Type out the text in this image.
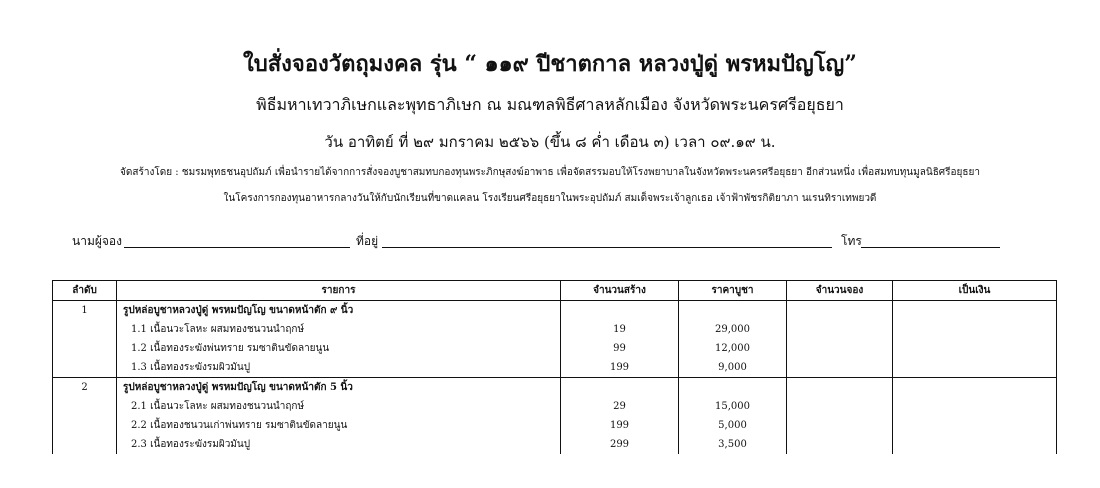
ใบสั่งจองวัตถุมงคล รุ่น “ ๑๑๙ ปีชาตกาล หลวงปู่ดู่ พรหมปัญโญ”
พิธีมหาเทวาภิเษกและพุทธาภิเษก ณ มณฑลพิธีศาลหลักเมือง จังหวัดพระนครศรีอยุธยา
วัน อาทิตย์ ที่ ๒๙ มกราคม ๒๕๖๖ (ขึ้น ๘ ค่ำ เดือน ๓) เวลา ๐๙.๑๙ น.
จัดสร้างโดย : ชมรมพุทธชนอุปถัมภ์ เพื่อนำรายได้จากการสั่งจองบูชาสมทบกองทุนพระภิกษุสงฆ์อาพาธ เพื่อจัดสรรมอบให้โรงพยาบาลในจังหวัดพระนครศรีอยุธยา อีกส่วนหนึ่ง เพื่อสมทบทุนมูลนิธิศรีอยุธยา
ในโครงการกองทุนอาหารกลางวันให้กับนักเรียนที่ขาดแคลน โรงเรียนศรีอยุธยาในพระอุปถัมภ์ สมเด็จพระเจ้าลูกเธอ เจ้าฟ้าพัชรกิติยาภา นเรนทิราเทพยวดี
นามผู้จอง	ที่อยู่	โทร
ลำดับ	รายการ	จำนวนสร้าง	ราคาบูชา	จำนวนจอง	เป็นเงิน
1	รูปหล่อบูชาหลวงปู่ดู่ พรหมปัญโญ ขนาดหน้าตัก ๙ นิ้ว				
	1.1 เนื้อนวะโลหะ ผสมทองชนวนนำฤกษ์	19	29,000		
	1.2 เนื้อทองระฆังพ่นทราย รมซาตินขัดลายนูน	99	12,000		
	1.3 เนื้อทองระฆังรมผิวมันปู	199	9,000		
2	รูปหล่อบูชาหลวงปู่ดู่ พรหมปัญโญ ขนาดหน้าตัก 5 นิ้ว				
	2.1 เนื้อนวะโลหะ ผสมทองชนวนนำฤกษ์	29	15,000		
	2.2 เนื้อทองชนวนเก่าพ่นทราย รมซาตินขัดลายนูน	199	5,000		
	2.3 เนื้อทองระฆังรมผิวมันปู	299	3,500		
